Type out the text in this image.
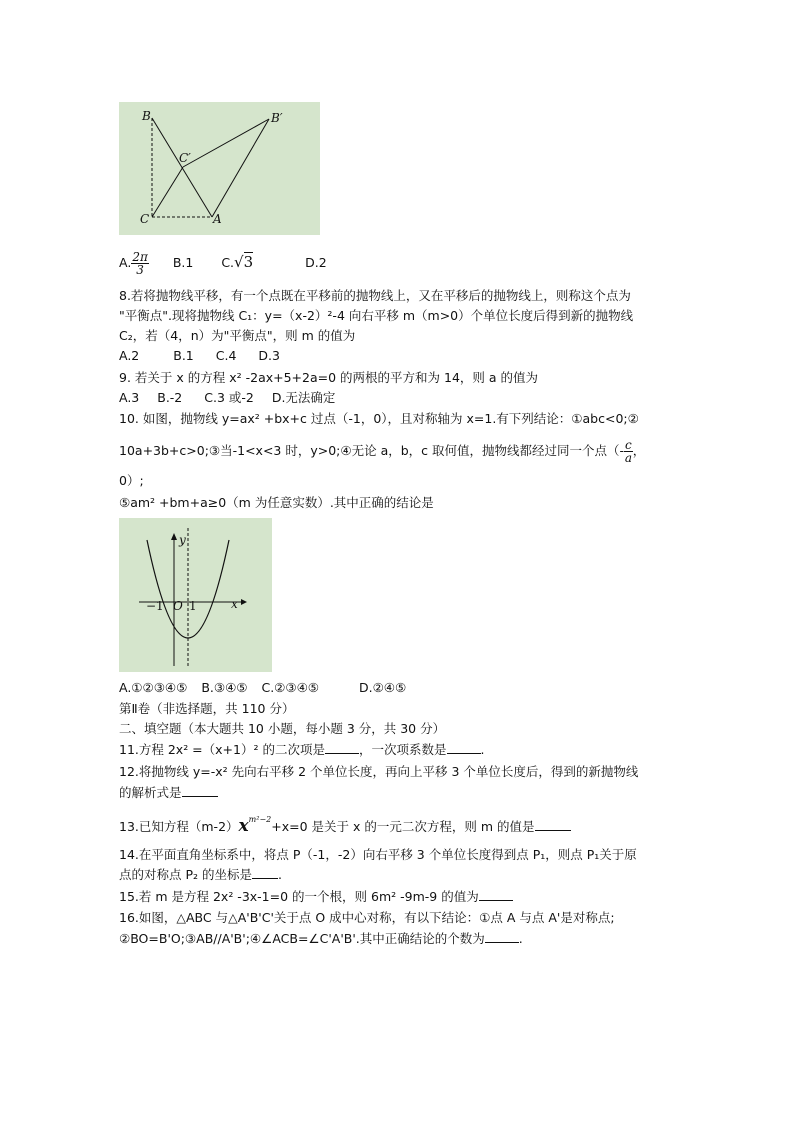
B	B′
C′
C	A
A. $\frac{2\pi}{3} B.1$ C.√3	D.2
8.若将抛物线平移，有一个点既在平移前的抛物线上，又在平移后的抛物线上，则称这个点为
"平衡点".现将抛物线 C₁：y=（x-2）²-4 向右平移 m（m>0）个单位长度后得到新的抛物线
C₂，若（4，n）为"平衡点"，则 m 的值为
A.2	B.1 C.4 D.3
9. 若关于 x 的方程 x² -2ax+5+2a=0 的两根的平方和为 14，则 a 的值为
A.3 B.-2 C.3 或-2 D.无法确定
10. 如图，抛物线 y=ax² +bx+c 过点（-1，0），且对称轴为 x=1.有下列结论：①abc<0;②
10a+3b+c>0;③当-1<x<3 时，y>0;④无论 a，b，c 取何值，抛物线都经过同一个点（- $\frac{c}{a}$ ，
0）;
⑤am² +bm+a≥0（m 为任意实数）.其中正确的结论是
y
x
O
−1 1
A.①②③④⑤ B.③④⑤ C.②③④⑤	D.②④⑤
第Ⅱ卷（非选择题，共 110 分）
二、填空题（本大题共 10 小题，每小题 3 分，共 30 分）
11.方程 2x² =（x+1）² 的二次项是	，一次项系数是	.
12.将抛物线 y=-x² 先向右平移 2 个单位长度，再向上平移 3 个单位长度后，得到的新抛物线
的解析式是
13.已知方程$(m-2)x^{m^2-2}+x=0$ 是关于 x 的一元二次方程，则 m 的值是
14.在平面直角坐标系中，将点 P（-1，-2）向右平移 3 个单位长度得到点 P₁，则点 P₁关于原
点的对称点 P₂ 的坐标是 .
15.若 m 是方程 2x² -3x-1=0 的一个根，则 6m² -9m-9 的值为
16.如图，△ABC 与△A'B'C'关于点 O 成中心对称，有以下结论：①点 A 与点 A'是对称点;
②BO=B'O;③AB//A'B';④∠ACB=∠C'A'B'.其中正确结论的个数为	.
